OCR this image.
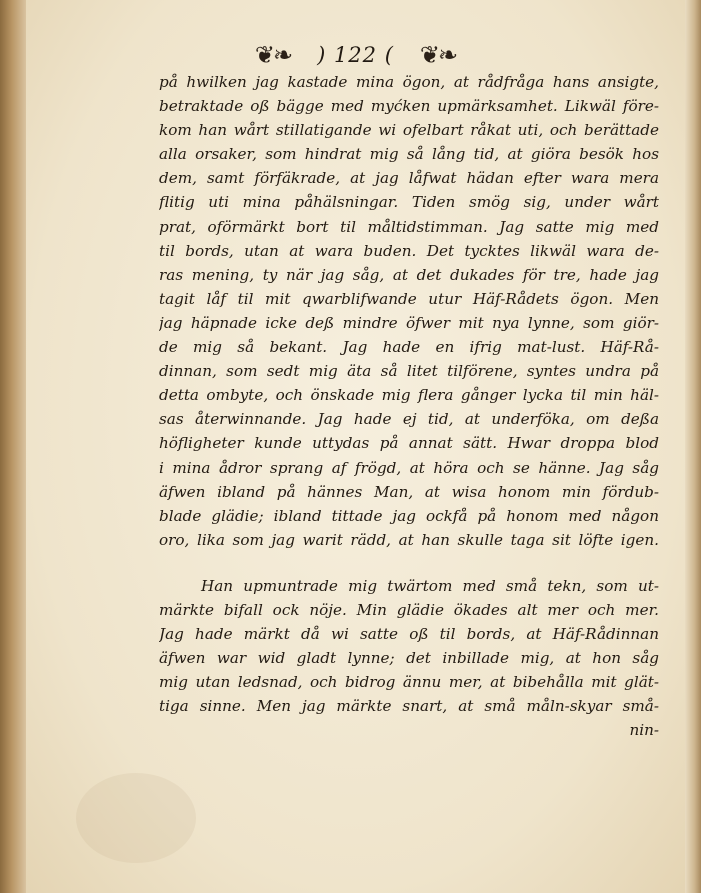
❦❧ ) 122 ( ❦❧
på hwilken jag kastade mina ögon, at rådfråga hans ansigte,
betraktade oß bägge med myćken upmärksamhet. Likwäl före-
kom han wårt stillatigande wi ofelbart råkat uti, och berättade
alla orsaker, som hindrat mig så lång tid, at giöra besök hos
dem, samt förfäkrade, at jag låfwat hädan efter wara mera
flitig uti mina påhälsningar. Tiden smög sig, under wårt
prat, oförmärkt bort til måltidstimman. Jag satte mig med
til bords, utan at wara buden. Det tycktes likwäl wara de-
ras mening, ty när jag såg, at det dukades för tre, hade jag
tagit låf til mit qwarblifwande utur Häf-Rådets ögon. Men
jag häpnade icke deß mindre öfwer mit nya lynne, som giör-
de mig så bekant. Jag hade en ifrig mat-lust. Häf-Rå-
dinnan, som sedt mig äta så litet tilförene, syntes undra på
detta ombyte, och önskade mig flera gånger lycka til min häl-
sas återwinnande. Jag hade ej tid, at underföka, om deßa
höfligheter kunde uttydas på annat sätt. Hwar droppa blod
i mina ådror sprang af frögd, at höra och se hänne. Jag såg
äfwen ibland på hännes Man, at wisa honom min fördub-
blade glädie; ibland tittade jag ockfå på honom med någon
oro, lika som jag warit rädd, at han skulle taga sit löfte igen.
Han upmuntrade mig twärtom med små tekn, som ut-
märkte bifall ock nöje. Min glädie ökades alt mer och mer.
Jag hade märkt då wi satte oß til bords, at Häf-Rådinnan
äfwen war wid gladt lynne; det inbillade mig, at hon såg
mig utan ledsnad, och bidrog ännu mer, at bibehålla mit glät-
tiga sinne. Men jag märkte snart, at små måln-skyar små-
nin-
